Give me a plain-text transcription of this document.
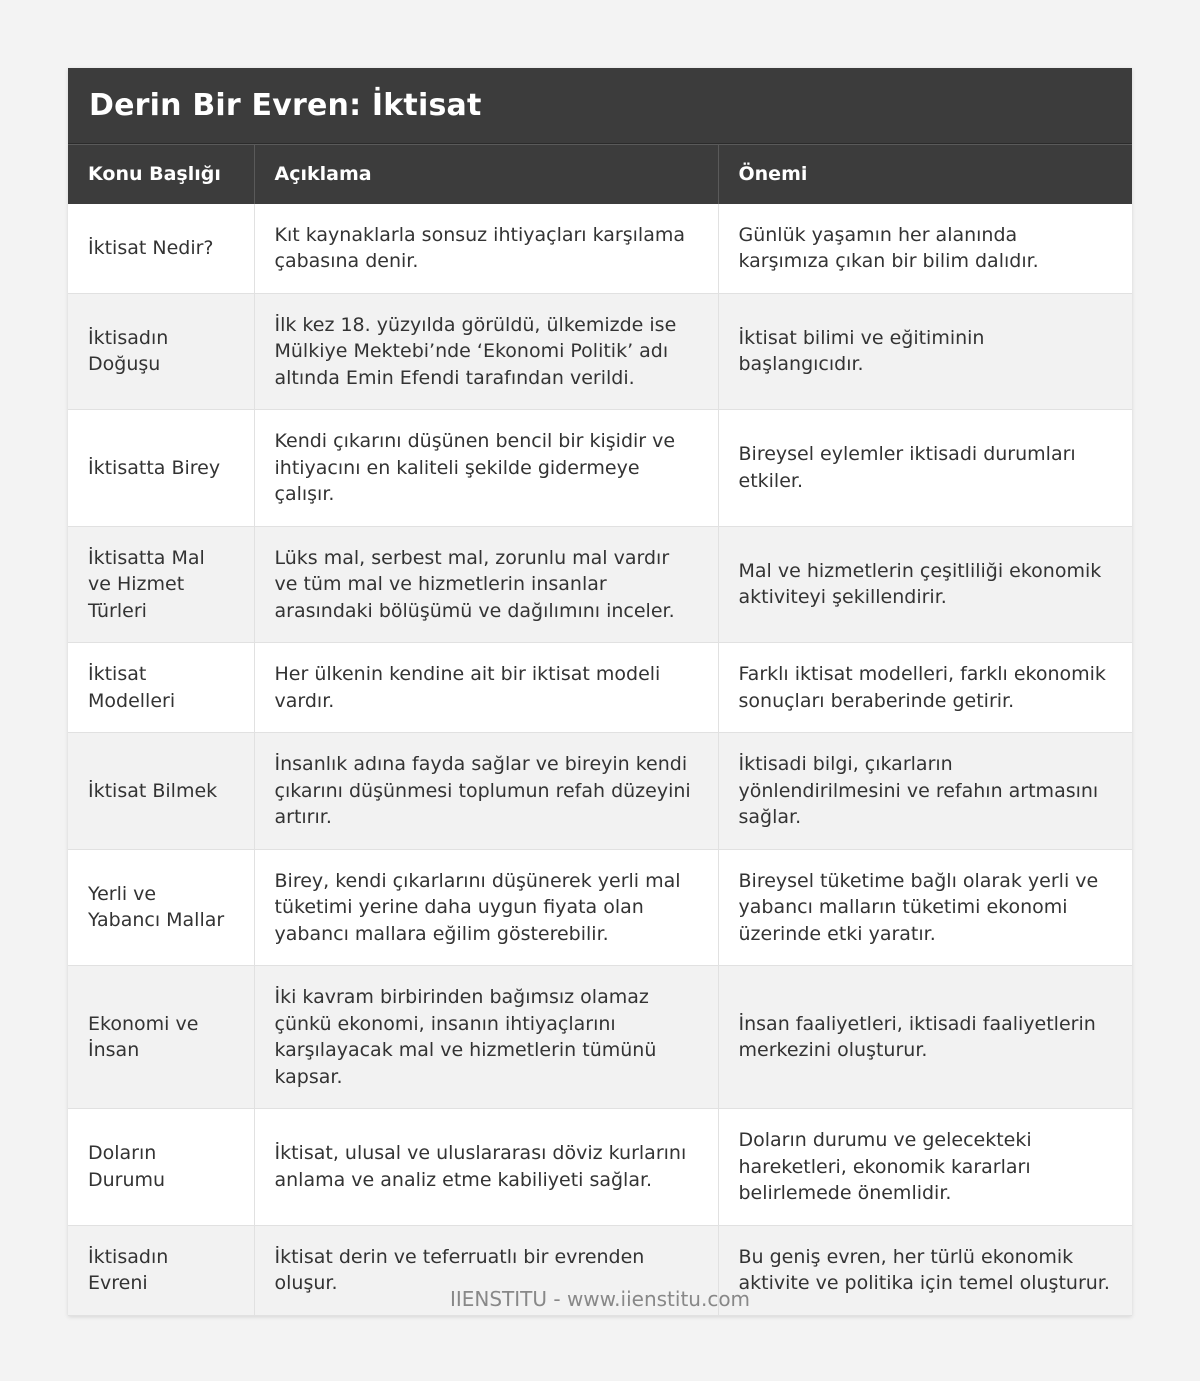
Derin Bir Evren: İktisat
Konu Başlığı	Açıklama	Önemi
İktisat Nedir?	Kıt kaynaklarla sonsuz ihtiyaçları karşılama çabasına denir.	Günlük yaşamın her alanında karşımıza çıkan bir bilim dalıdır.
İktisadın Doğuşu	İlk kez 18. yüzyılda görüldü, ülkemizde ise Mülkiye Mektebi’nde ‘Ekonomi Politik’ adı altında Emin Efendi tarafından verildi.	İktisat bilimi ve eğitiminin başlangıcıdır.
İktisatta Birey	Kendi çıkarını düşünen bencil bir kişidir ve ihtiyacını en kaliteli şekilde gidermeye çalışır.	Bireysel eylemler iktisadi durumları etkiler.
İktisatta Mal ve Hizmet Türleri	Lüks mal, serbest mal, zorunlu mal vardır ve tüm mal ve hizmetlerin insanlar arasındaki bölüşümü ve dağılımını inceler.	Mal ve hizmetlerin çeşitliliği ekonomik aktiviteyi şekillendirir.
İktisat Modelleri	Her ülkenin kendine ait bir iktisat modeli vardır.	Farklı iktisat modelleri, farklı ekonomik sonuçları beraberinde getirir.
İktisat Bilmek	İnsanlık adına fayda sağlar ve bireyin kendi çıkarını düşünmesi toplumun refah düzeyini artırır.	İktisadi bilgi, çıkarların yönlendirilmesini ve refahın artmasını sağlar.
Yerli ve Yabancı Mallar	Birey, kendi çıkarlarını düşünerek yerli mal tüketimi yerine daha uygun fiyata olan yabancı mallara eğilim gösterebilir.	Bireysel tüketime bağlı olarak yerli ve yabancı malların tüketimi ekonomi üzerinde etki yaratır.
Ekonomi ve İnsan	İki kavram birbirinden bağımsız olamaz çünkü ekonomi, insanın ihtiyaçlarını karşılayacak mal ve hizmetlerin tümünü kapsar.	İnsan faaliyetleri, iktisadi faaliyetlerin merkezini oluşturur.
Doların Durumu	İktisat, ulusal ve uluslararası döviz kurlarını anlama ve analiz etme kabiliyeti sağlar.	Doların durumu ve gelecekteki hareketleri, ekonomik kararları belirlemede önemlidir.
İktisadın Evreni	İktisat derin ve teferruatlı bir evrenden oluşur.	Bu geniş evren, her türlü ekonomik aktivite ve politika için temel oluşturur.
IIENSTITU - www.iienstitu.com
